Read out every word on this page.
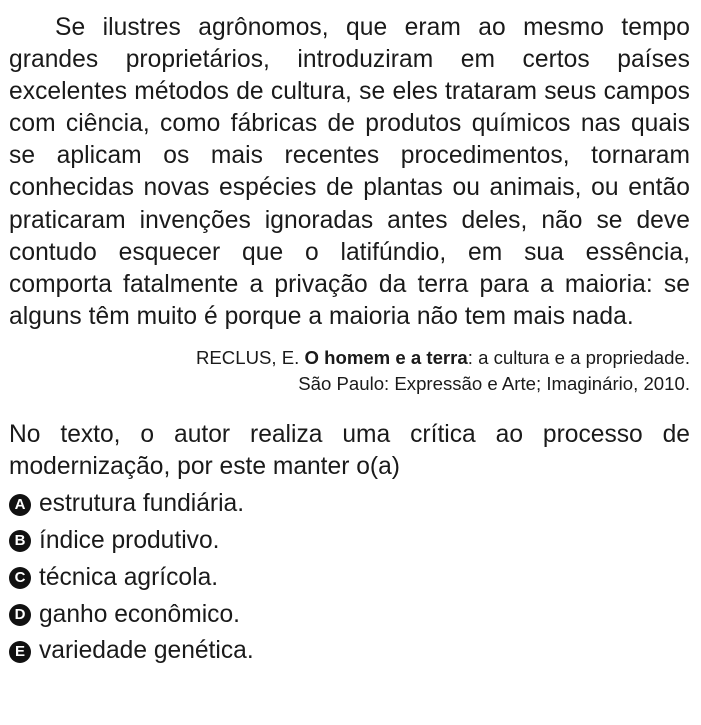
Se ilustres agrônomos, que eram ao mesmo tempo grandes proprietários, introduziram em certos países excelentes métodos de cultura, se eles trataram seus campos com ciência, como fábricas de produtos químicos nas quais se aplicam os mais recentes procedimentos, tornaram conhecidas novas espécies de plantas ou animais, ou então praticaram invenções ignoradas antes deles, não se deve contudo esquecer que o latifúndio, em sua essência, comporta fatalmente a privação da terra para a maioria: se alguns têm muito é porque a maioria não tem mais nada.

RECLUS, E. O homem e a terra: a cultura e a propriedade.
São Paulo: Expressão e Arte; Imaginário, 2010.
No texto, o autor realiza uma crítica ao processo de modernização, por este manter o(a)
A estrutura fundiária.
B índice produtivo.
C técnica agrícola.
D ganho econômico.
E variedade genética.
